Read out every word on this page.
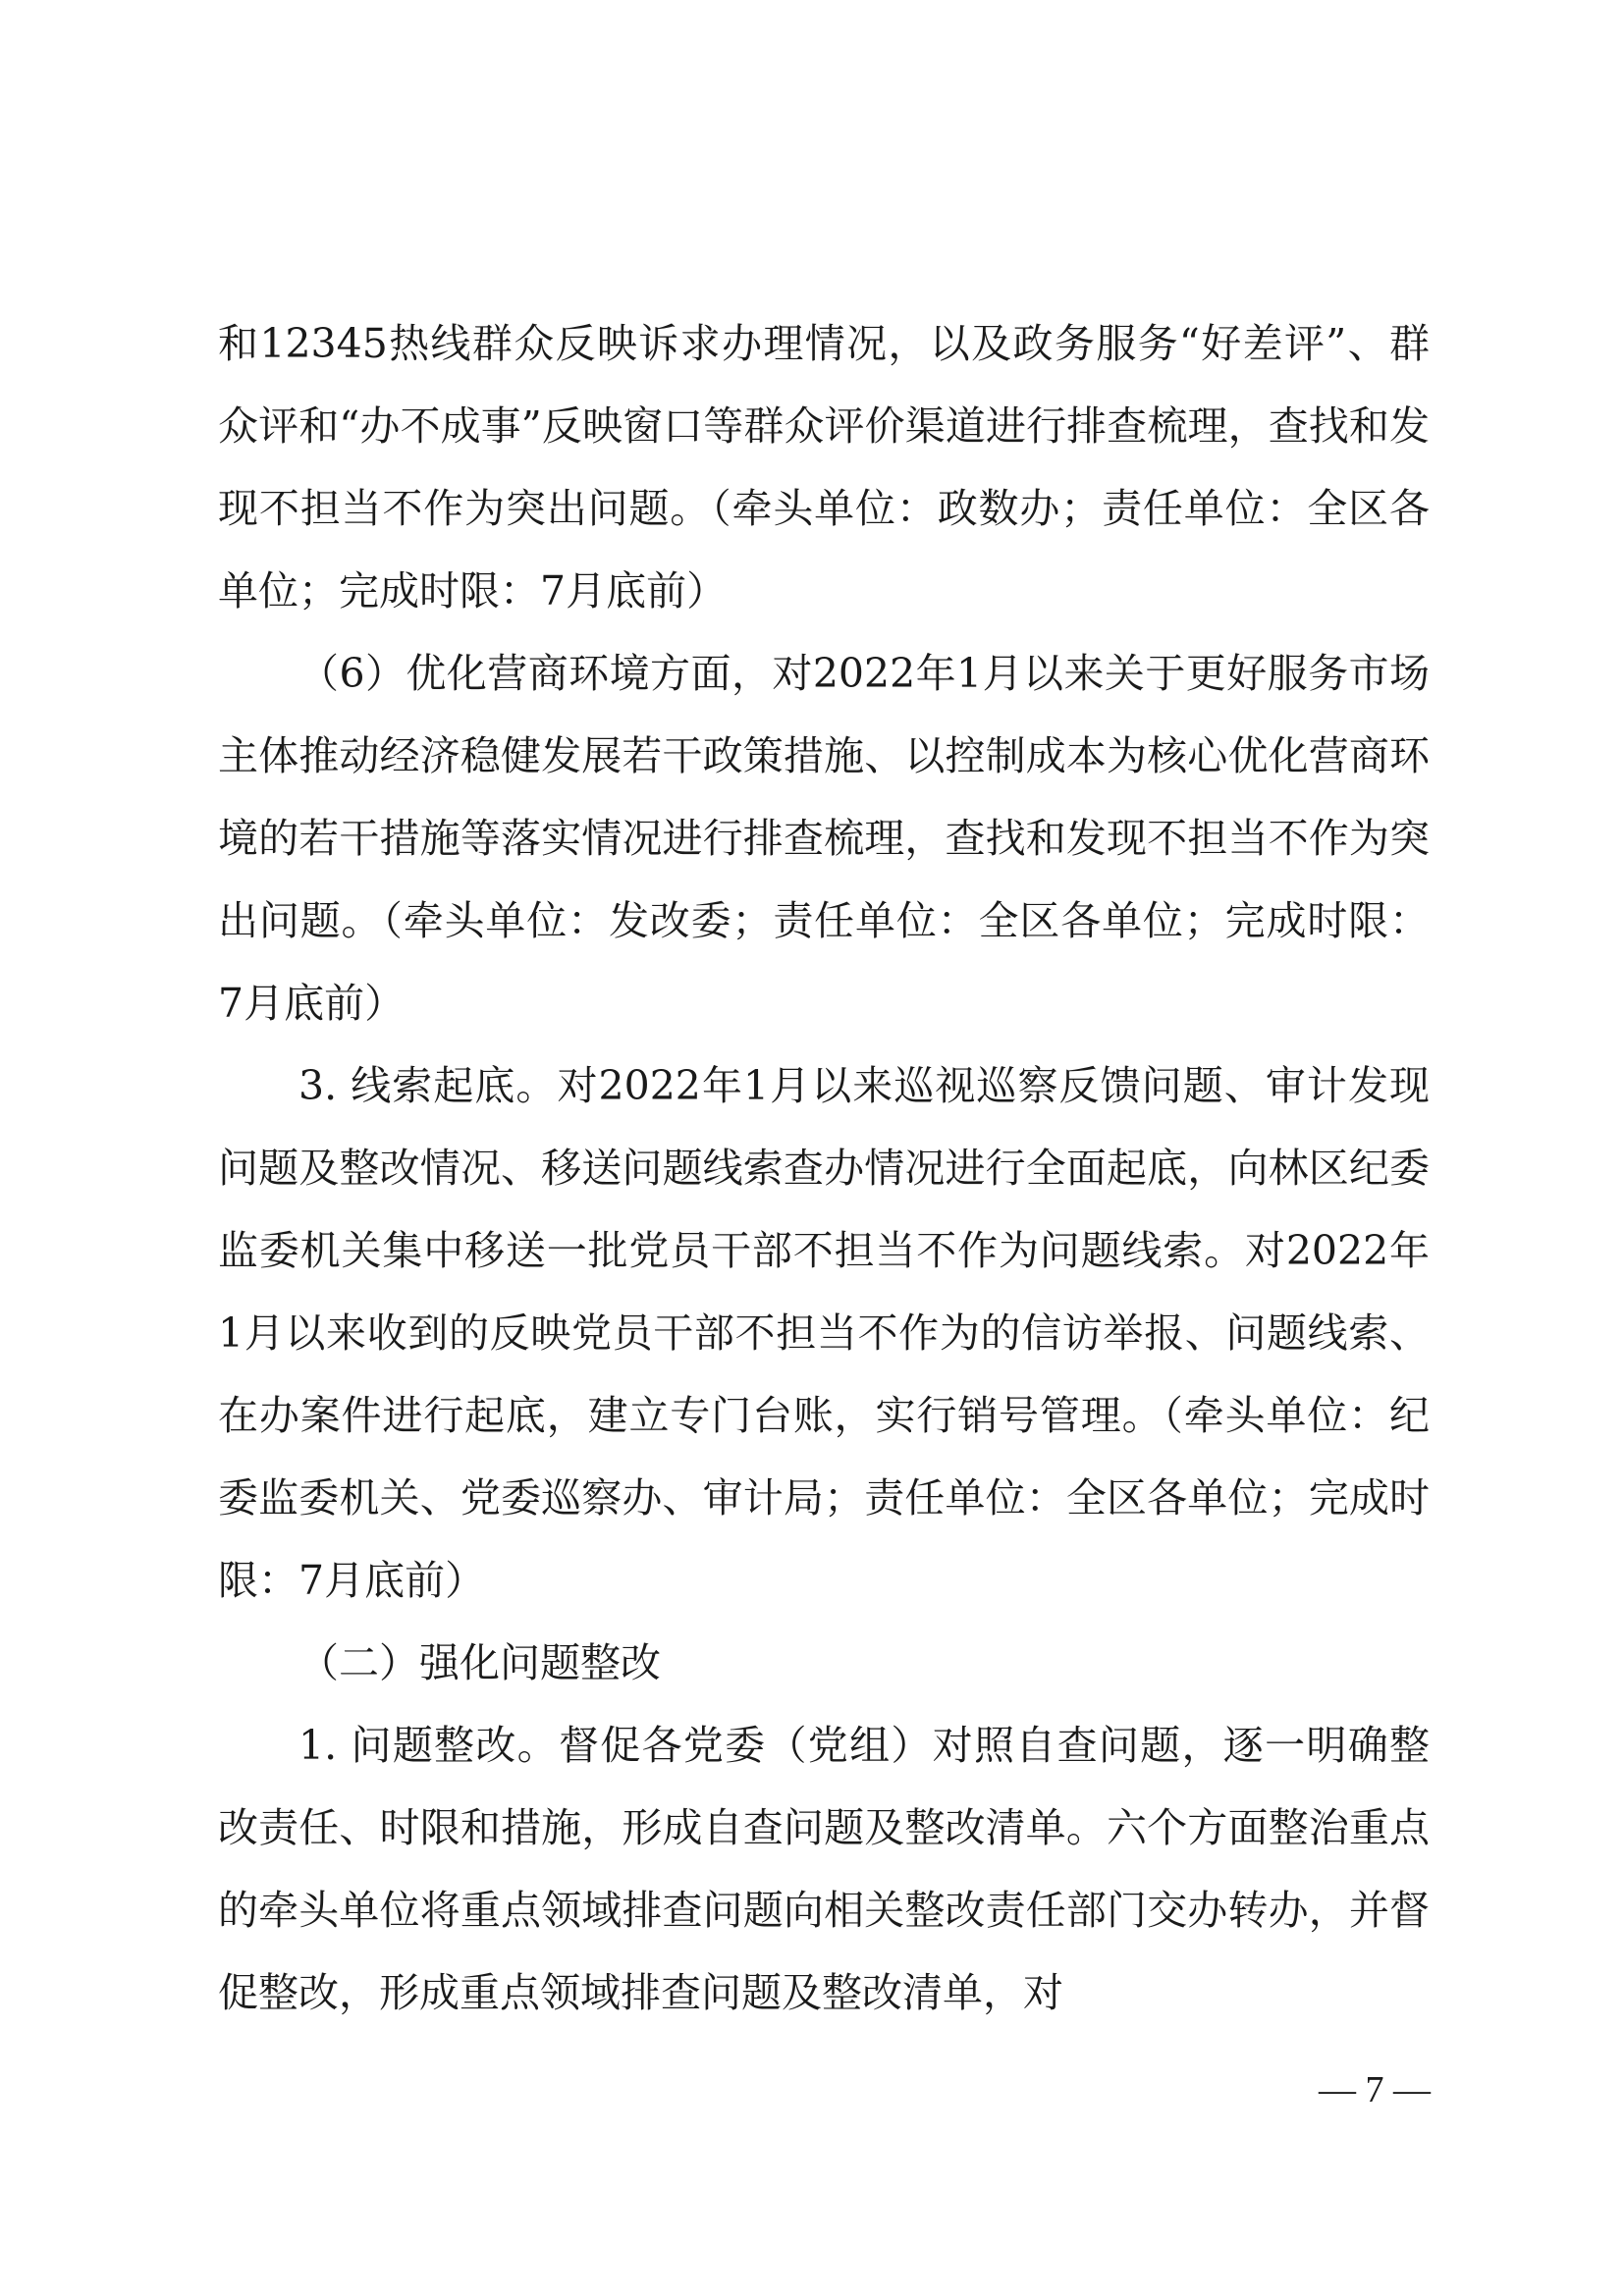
和12345热线群众反映诉求办理情况，以及政务服务“好差评”、群众评和“办不成事”反映窗口等群众评价渠道进行排查梳理，查找和发现不担当不作为突出问题。（牵头单位：政数办；责任单位：全区各单位；完成时限：7月底前）

（6）优化营商环境方面，对2022年1月以来关于更好服务市场主体推动经济稳健发展若干政策措施、以控制成本为核心优化营商环境的若干措施等落实情况进行排查梳理，查找和发现不担当不作为突出问题。（牵头单位：发改委；责任单位：全区各单位；完成时限：7月底前）

3. 线索起底。对2022年1月以来巡视巡察反馈问题、审计发现问题及整改情况、移送问题线索查办情况进行全面起底，向林区纪委监委机关集中移送一批党员干部不担当不作为问题线索。对2022年1月以来收到的反映党员干部不担当不作为的信访举报、问题线索、在办案件进行起底，建立专门台账，实行销号管理。（牵头单位：纪委监委机关、党委巡察办、审计局；责任单位：全区各单位；完成时限：7月底前）

（二）强化问题整改

1. 问题整改。督促各党委（党组）对照自查问题，逐一明确整改责任、时限和措施，形成自查问题及整改清单。六个方面整治重点的牵头单位将重点领域排查问题向相关整改责任部门交办转办，并督促整改，形成重点领域排查问题及整改清单，对

— 7 —
